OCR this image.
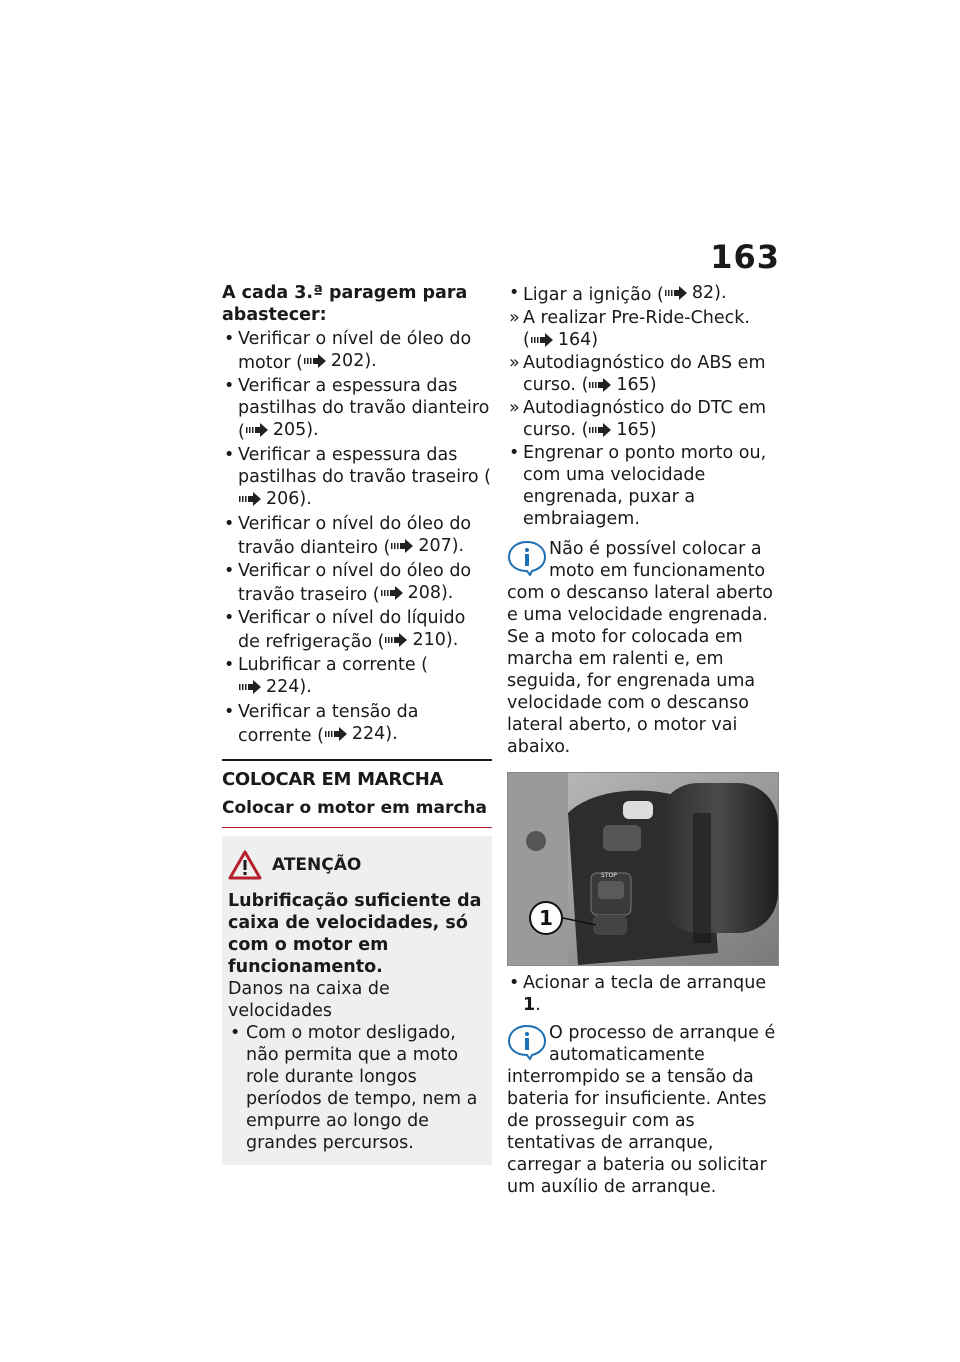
163

A cada 3.ª paragem para abastecer:

• Verificar o nível de óleo do motor ( 202).
• Verificar a espessura das pastilhas do travão dianteiro ( 205).
• Verificar a espessura das pastilhas do travão traseiro (
206).
• Verificar o nível do óleo do travão dianteiro ( 207).
• Verificar o nível do óleo do travão traseiro ( 208).
• Verificar o nível do líquido de refrigeração ( 210).
• Lubrificar a corrente (
224).
• Verificar a tensão da corrente ( 224).

COLOCAR EM MARCHA

Colocar o motor em marcha

ATENÇÃO

Lubrificação suficiente da caixa de velocidades, só com o motor em funcionamento.

Danos na caixa de velocidades

• Com o motor desligado, não permita que a moto role durante longos períodos de tempo, nem a empurre ao longo de grandes percursos.
• Ligar a ignição ( 82).
» A realizar Pre-Ride-Check. ( 164)
» Autodiagnóstico do ABS em curso. ( 165)
» Autodiagnóstico do DTC em curso. ( 165)
• Engrenar o ponto morto ou, com uma velocidade engrenada, puxar a embraiagem.

Não é possível colocar a moto em funcionamento com o descanso lateral aberto e uma velocidade engrenada. Se a moto for colocada em marcha em ralenti e, em seguida, for engrenada uma velocidade com o descanso lateral aberto, o motor vai abaixo.

STOP
1
• Acionar a tecla de arranque 1.

O processo de arranque é automaticamente interrompido se a tensão da bateria for insuficiente. Antes de prosseguir com as tentativas de arranque, carregar a bateria ou solicitar um auxílio de arranque.
